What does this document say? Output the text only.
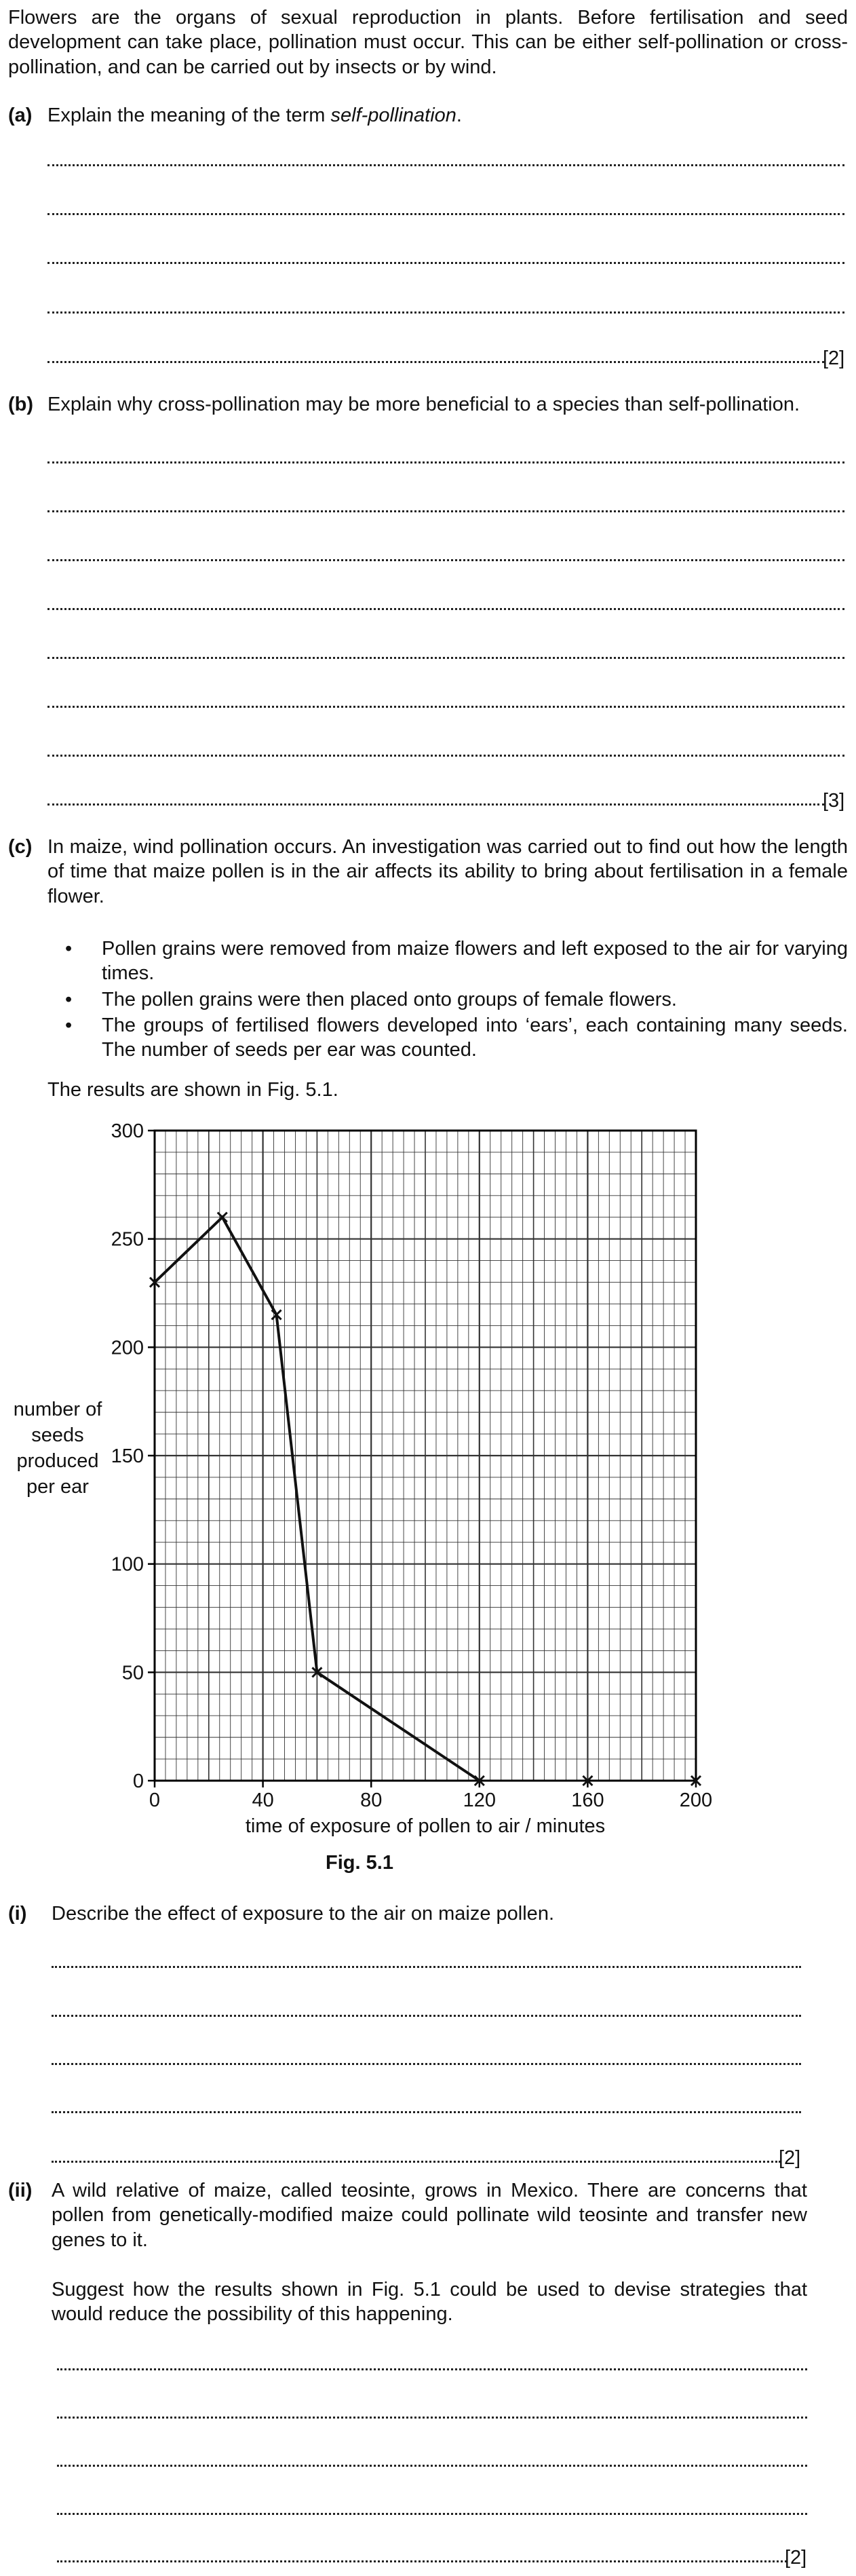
Flowers are the organs of sexual reproduction in plants. Before fertilisation and seed development can take place, pollination must occur. This can be either self-pollination or cross-pollination, and can be carried out by insects or by wind.
(a) Explain the meaning of the term self-pollination.
[2]
(b) Explain why cross-pollination may be more beneficial to a species than self-pollination.
[3]
(c) In maize, wind pollination occurs. An investigation was carried out to find out how the length of time that maize pollen is in the air affects its ability to bring about fertilisation in a female flower.
• Pollen grains were removed from maize flowers and left exposed to the air for varying times.
• The pollen grains were then placed onto groups of female flowers.
• The groups of fertilised flowers developed into ‘ears’, each containing many seeds. The number of seeds per ear was counted.
The results are shown in Fig. 5.1.
0	40	80	120	160	200
0
50
100
150
200
250
300
number of
seeds
produced
per ear
time of exposure of pollen to air / minutes
Fig. 5.1
(i) Describe the effect of exposure to the air on maize pollen.
[2]
(ii) A wild relative of maize, called teosinte, grows in Mexico. There are concerns that pollen from genetically-modified maize could pollinate wild teosinte and transfer new genes to it.
Suggest how the results shown in Fig. 5.1 could be used to devise strategies that would reduce the possibility of this happening.
[2]
